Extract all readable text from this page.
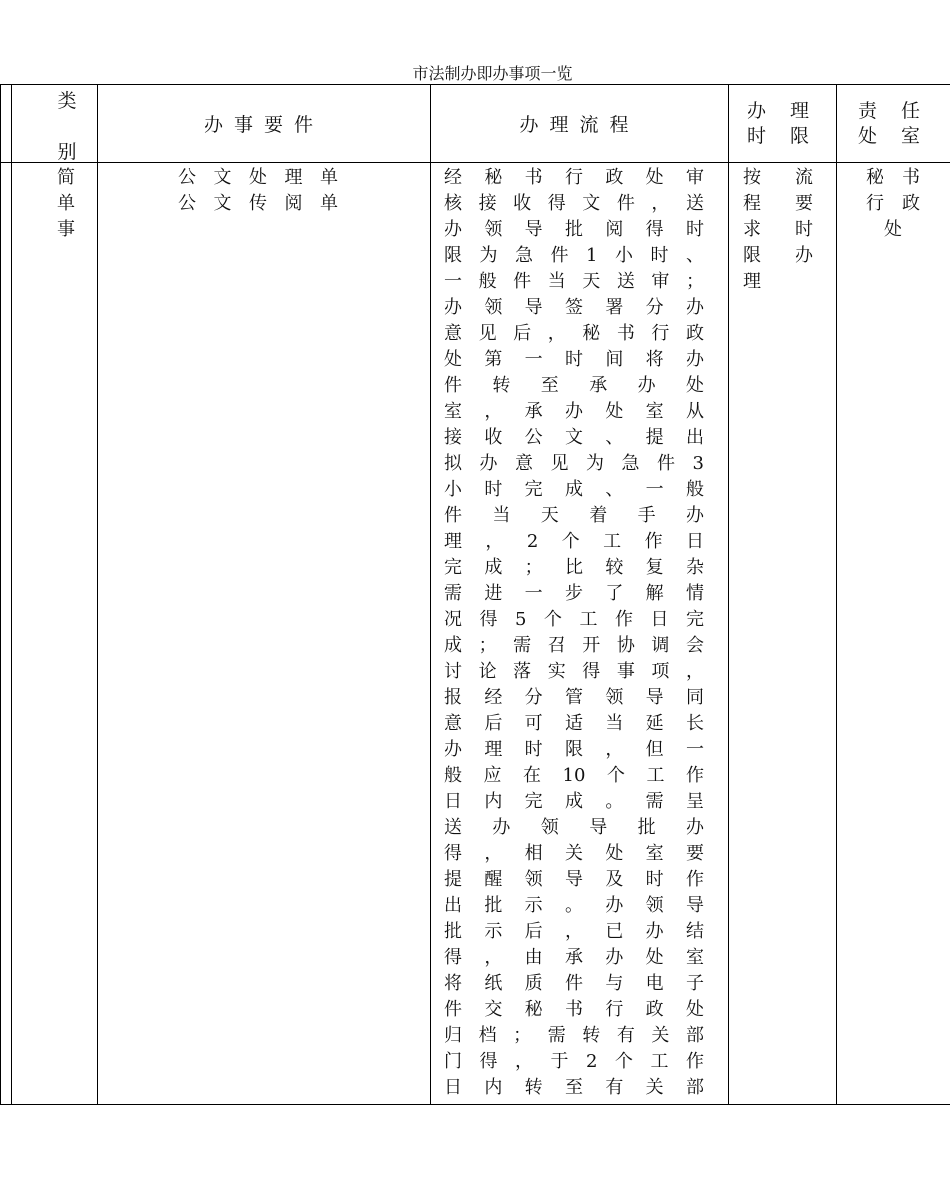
市法制办即办事项一览
类
别
办事要件	办理流程
办 理
时 限
责 任
处 室
简
单
事
公文处理单
公文传阅单
经秘书行政处审
核接收得文件，送
办领导批阅得时
限为急件1小时、
一般件当天送审；
办领导签署分办
意见后，秘书行政
处第一时间将办
件转至承办处
室，承办处室从
接收公文、提出
拟办意见为急件3
小时完成、一般
件当天着手办
理，2个工作日
完成；比较复杂
需进一步了解情
况得5个工作日完
成；需召开协调会
讨论落实得事项，
报经分管领导同
意后可适当延长
办理时限，但一
般应在10个工作
日内完成。需呈
送办领导批办
得，相关处室要
提醒领导及时作
出批示。办领导
批示后，已办结
得，由承办处室
将纸质件与电子
件交秘书行政处
归档；需转有关部
门得，于2个工作
日内转至有关部
按流
程要
求时
限办
理
秘书
行政
处
